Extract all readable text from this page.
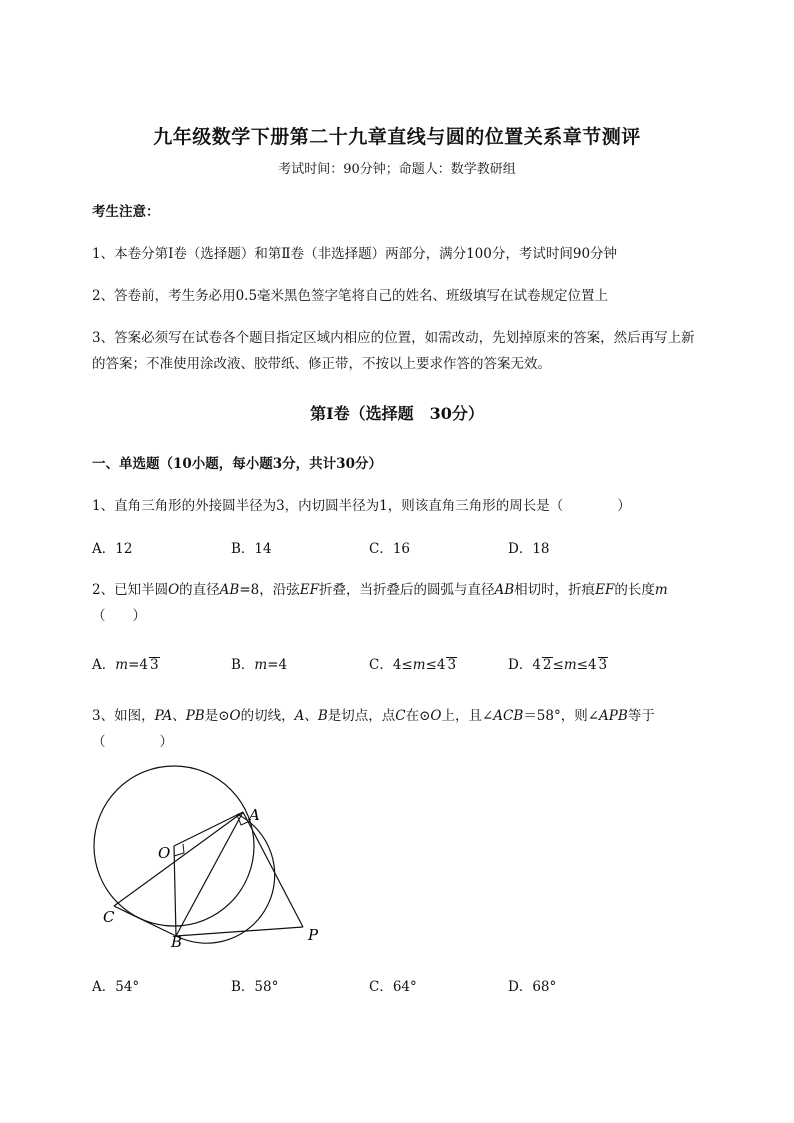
九年级数学下册第二十九章直线与圆的位置关系章节测评
考试时间：90分钟；命题人：数学教研组
考生注意：
1、本卷分第I卷（选择题）和第Ⅱ卷（非选择题）两部分，满分100分，考试时间90分钟
2、答卷前，考生务必用0.5毫米黑色签字笔将自己的姓名、班级填写在试卷规定位置上
3、答案必须写在试卷各个题目指定区域内相应的位置，如需改动，先划掉原来的答案，然后再写上新
的答案；不准使用涂改液、胶带纸、修正带，不按以上要求作答的答案无效。
第I卷（选择题　30分）
一、单选题（10小题，每小题3分，共计30分）
1、直角三角形的外接圆半径为3，内切圆半径为1，则该直角三角形的周长是（　　　　）
A．12	B．14	C．16	D．18
2、已知半圆O的直径AB=8，沿弦EF折叠，当折叠后的圆弧与直径AB相切时，折痕EF的长度m
（　　）
A．m=4 3	B．m=4	C．4≤m≤4 3	D．4 2≤m≤4 3
3、如图，PA、PB是⊙O的切线，A、B是切点，点C在⊙O上，且∠ACB＝58°，则∠APB等于
（　　　　）
A
O
C
B	P
A．54°	B．58°	C．64°	D．68°
